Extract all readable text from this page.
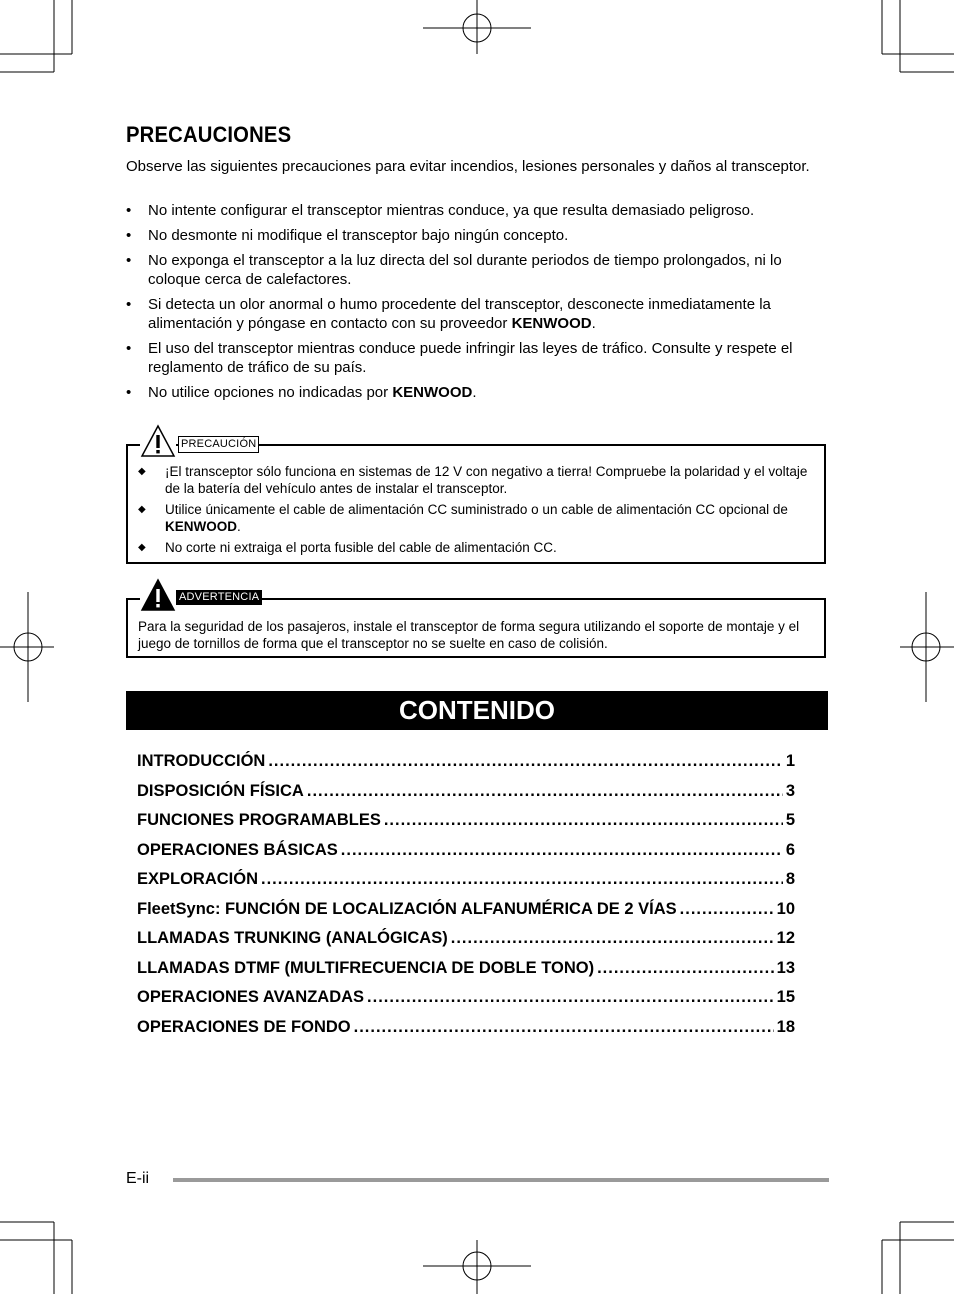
PRECAUCIONES

Observe las siguientes precauciones para evitar incendios, lesiones personales y daños al transceptor.

• No intente configurar el transceptor mientras conduce, ya que resulta demasiado peligroso.
• No desmonte ni modifique el transceptor bajo ningún concepto.
• No exponga el transceptor a la luz directa del sol durante periodos de tiempo prolongados, ni lo coloque cerca de calefactores.
• Si detecta un olor anormal o humo procedente del transceptor, desconecte inmediatamente la alimentación y póngase en contacto con su proveedor KENWOOD.
• El uso del transceptor mientras conduce puede infringir las leyes de tráfico. Consulte y respete el reglamento de tráfico de su país.
• No utilice opciones no indicadas por KENWOOD.
PRECAUCIÓN
◆ ¡El transceptor sólo funciona en sistemas de 12 V con negativo a tierra! Compruebe la polaridad y el voltaje de la batería del vehículo antes de instalar el transceptor.
◆ Utilice únicamente el cable de alimentación CC suministrado o un cable de alimentación CC opcional de KENWOOD.
◆ No corte ni extraiga el porta fusible del cable de alimentación CC.
ADVERTENCIA

Para la seguridad de los pasajeros, instale el transceptor de forma segura utilizando el soporte de montaje y el juego de tornillos de forma que el transceptor no se suelte en caso de colisión.

CONTENIDO
INTRODUCCIÓN .....	1
DISPOSICIÓN FÍSICA .....	3
FUNCIONES PROGRAMABLES .....	5
OPERACIONES BÁSICAS .....	6
EXPLORACIÓN .....	8
FleetSync: FUNCIÓN DE LOCALIZACIÓN ALFANUMÉRICA DE 2 VÍAS .....	10
LLAMADAS TRUNKING (ANALÓGICAS) .....	12
LLAMADAS DTMF (MULTIFRECUENCIA DE DOBLE TONO) .....	13
OPERACIONES AVANZADAS .....	15
OPERACIONES DE FONDO .....	18
E-ii
